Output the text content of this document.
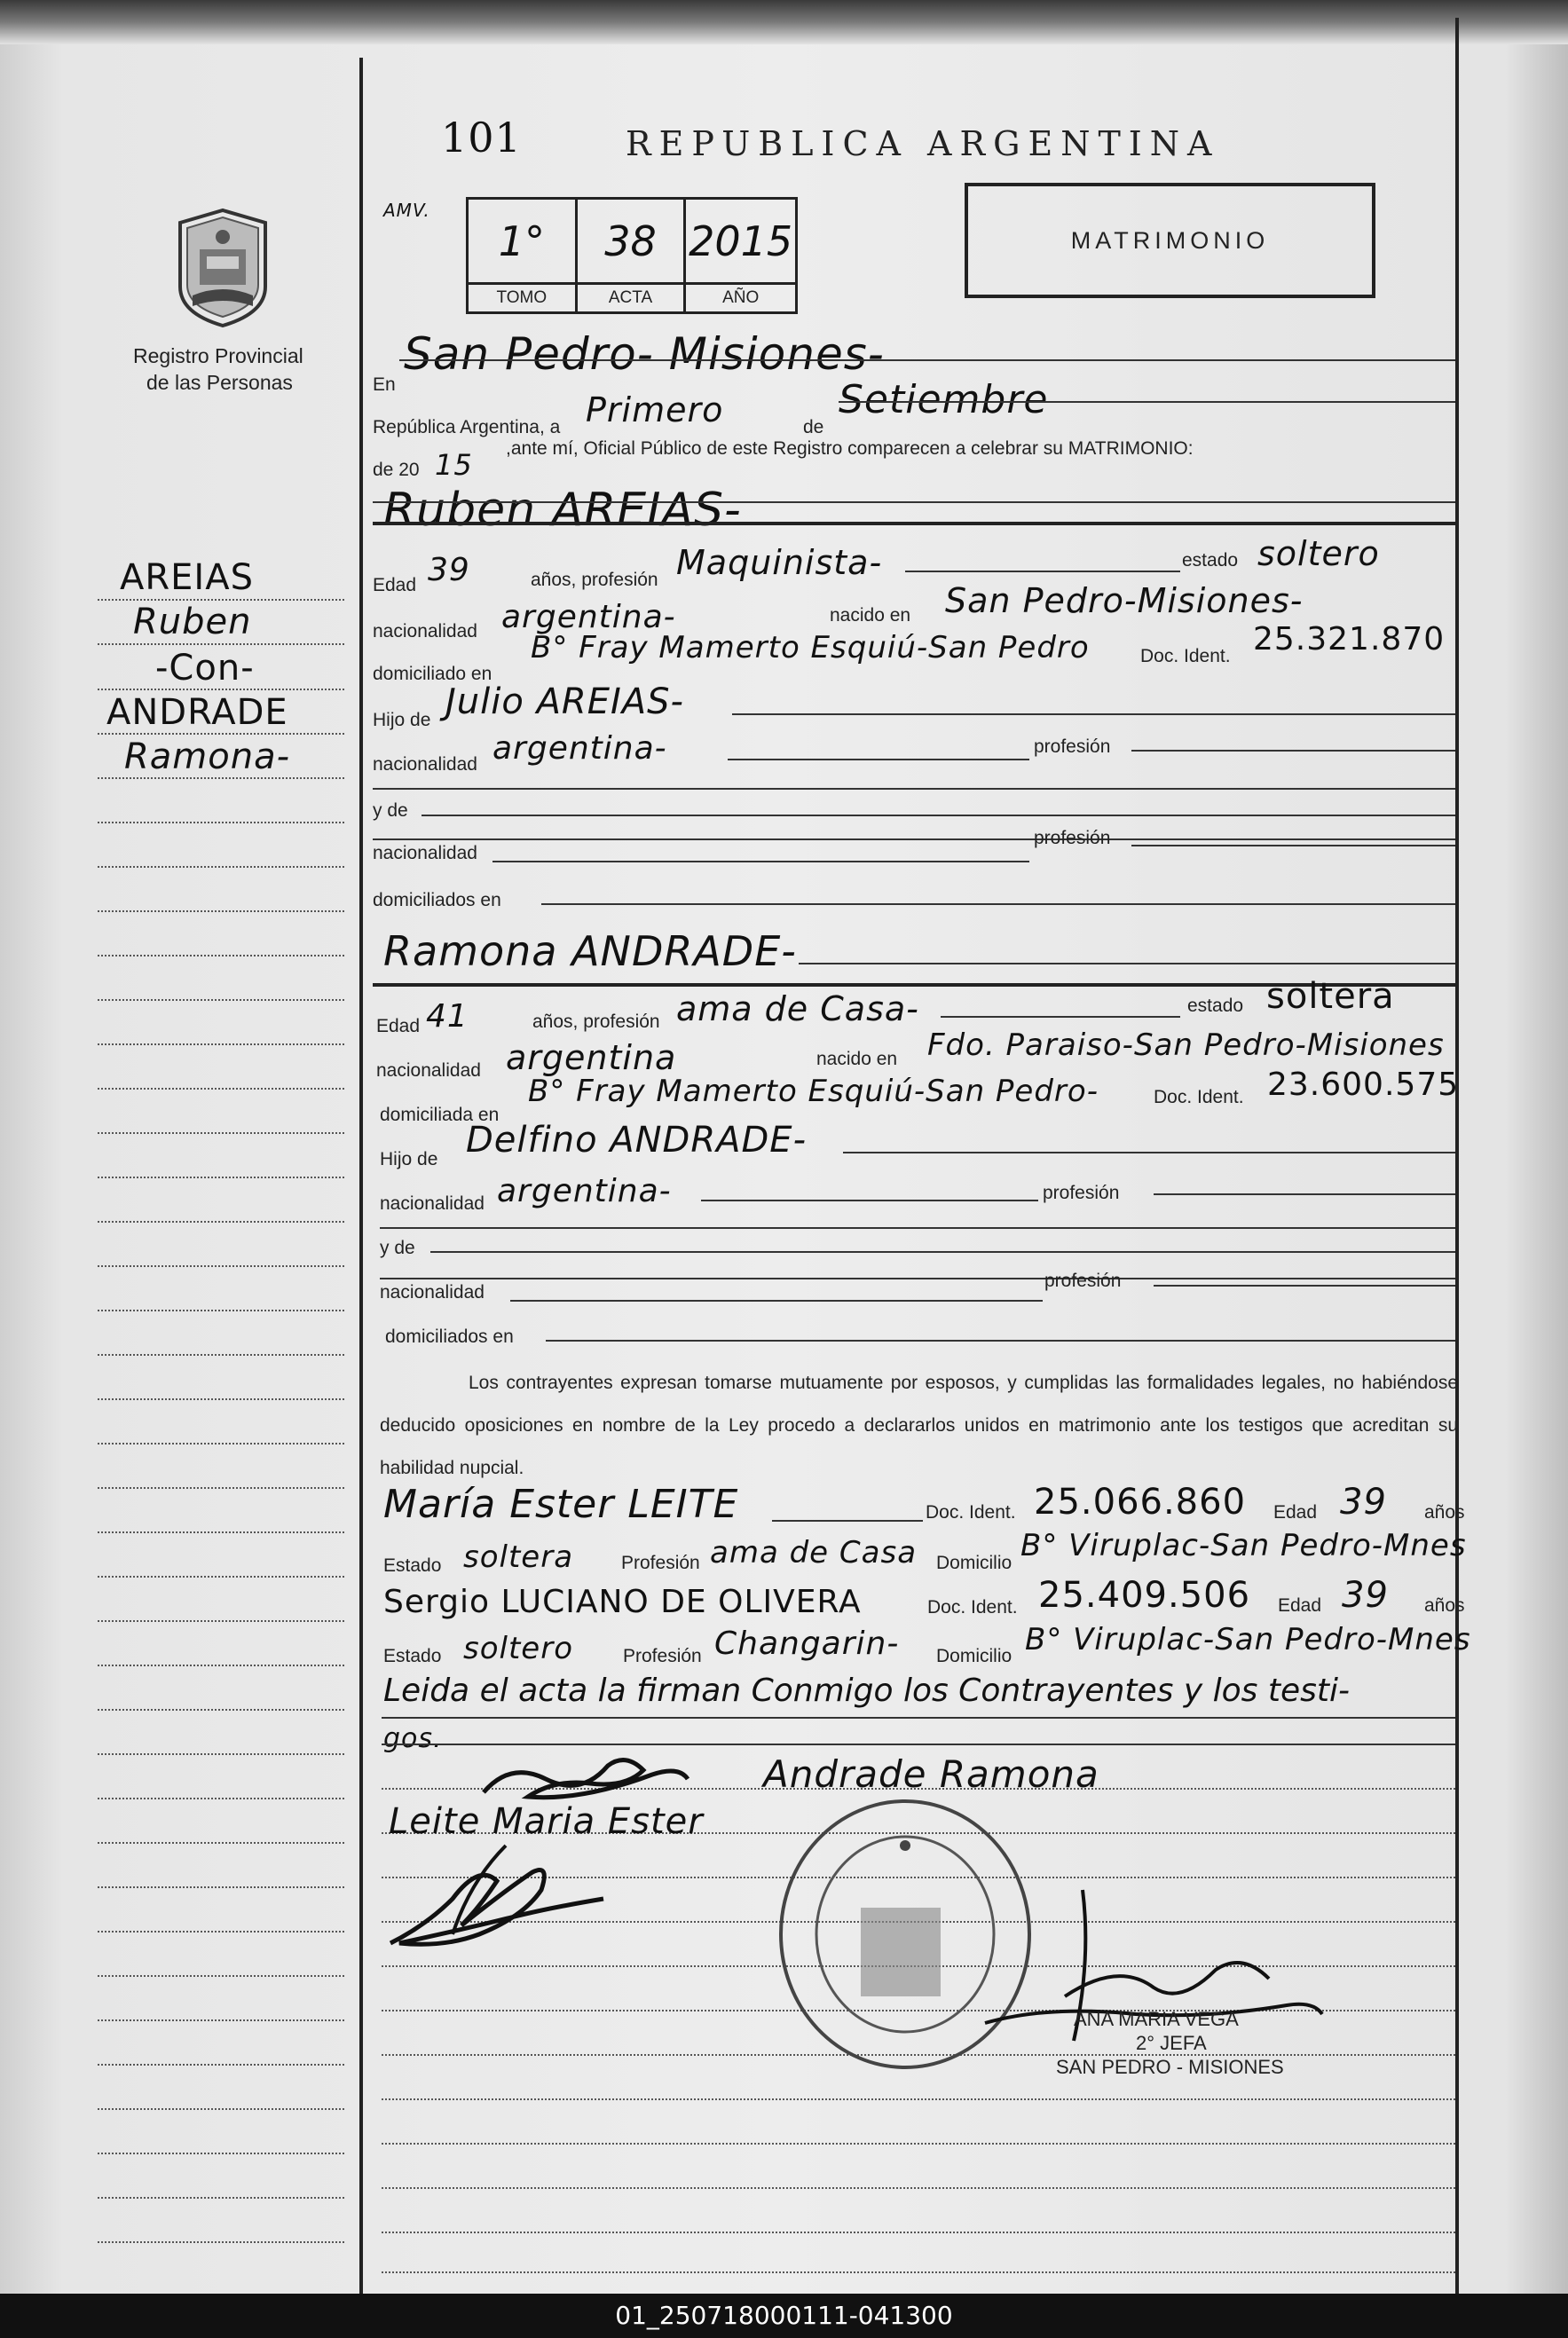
101	REPUBLICA ARGENTINA
AMV.
Registro Provincial
de las Personas
1°
TOMO
38
ACTA
2015
AÑO
MATRIMONIO
AREIAS
Ruben
-Con-
ANDRADE
Ramona-
En
San Pedro- Misiones-
República Argentina, a Primero	de
Setiembre
de 20 15 ,ante mí, Oficial Público de este Registro comparecen a celebrar su MATRIMONIO:
Ruben AREIAS-
Edad 39	años, profesión Maquinista-	estado soltero
nacionalidad argentina-	nacido en San Pedro-Misiones-
domiciliado en
B° Fray Mamerto Esquiú-San Pedro	Doc. Ident. 25.321.870
Hijo de Julio AREIAS-
nacionalidad argentina-	profesión
y de
nacionalidad
profesión
domiciliados en
Ramona ANDRADE-
Edad 41	años, profesión ama de Casa-	estado soltera
nacionalidad argentina	nacido en Fdo. Paraiso-San Pedro-Misiones
domiciliada en
B° Fray Mamerto Esquiú-San Pedro-	Doc. Ident. 23.600.575
Hijo de Delfino ANDRADE-
nacionalidad argentina-	profesión
y de
nacionalidad
profesión
domiciliados en
Los contrayentes expresan tomarse mutuamente por esposos, y cumplidas las formalidades legales, no habiéndose deducido oposiciones en nombre de la Ley procedo a declararlos unidos en matrimonio ante los testigos que acreditan su habilidad nupcial.
María Ester LEITE	Doc. Ident. 25.066.860 Edad 39 años
Estado soltera	Profesión ama de Casa Domicilio B° Viruplac-San Pedro-Mnes
Sergio LUCIANO DE OLIVERA	Doc. Ident. 25.409.506 Edad 39 años
Estado soltero	Profesión Changarin- Domicilio B° Viruplac-San Pedro-Mnes
Leida el acta la firman Conmigo los Contrayentes y los testi-
gos.
Andrade Ramona
Leite Maria Ester
ANA MARIA VEGA
2° JEFA
SAN PEDRO - MISIONES
01_250718000111-041300
